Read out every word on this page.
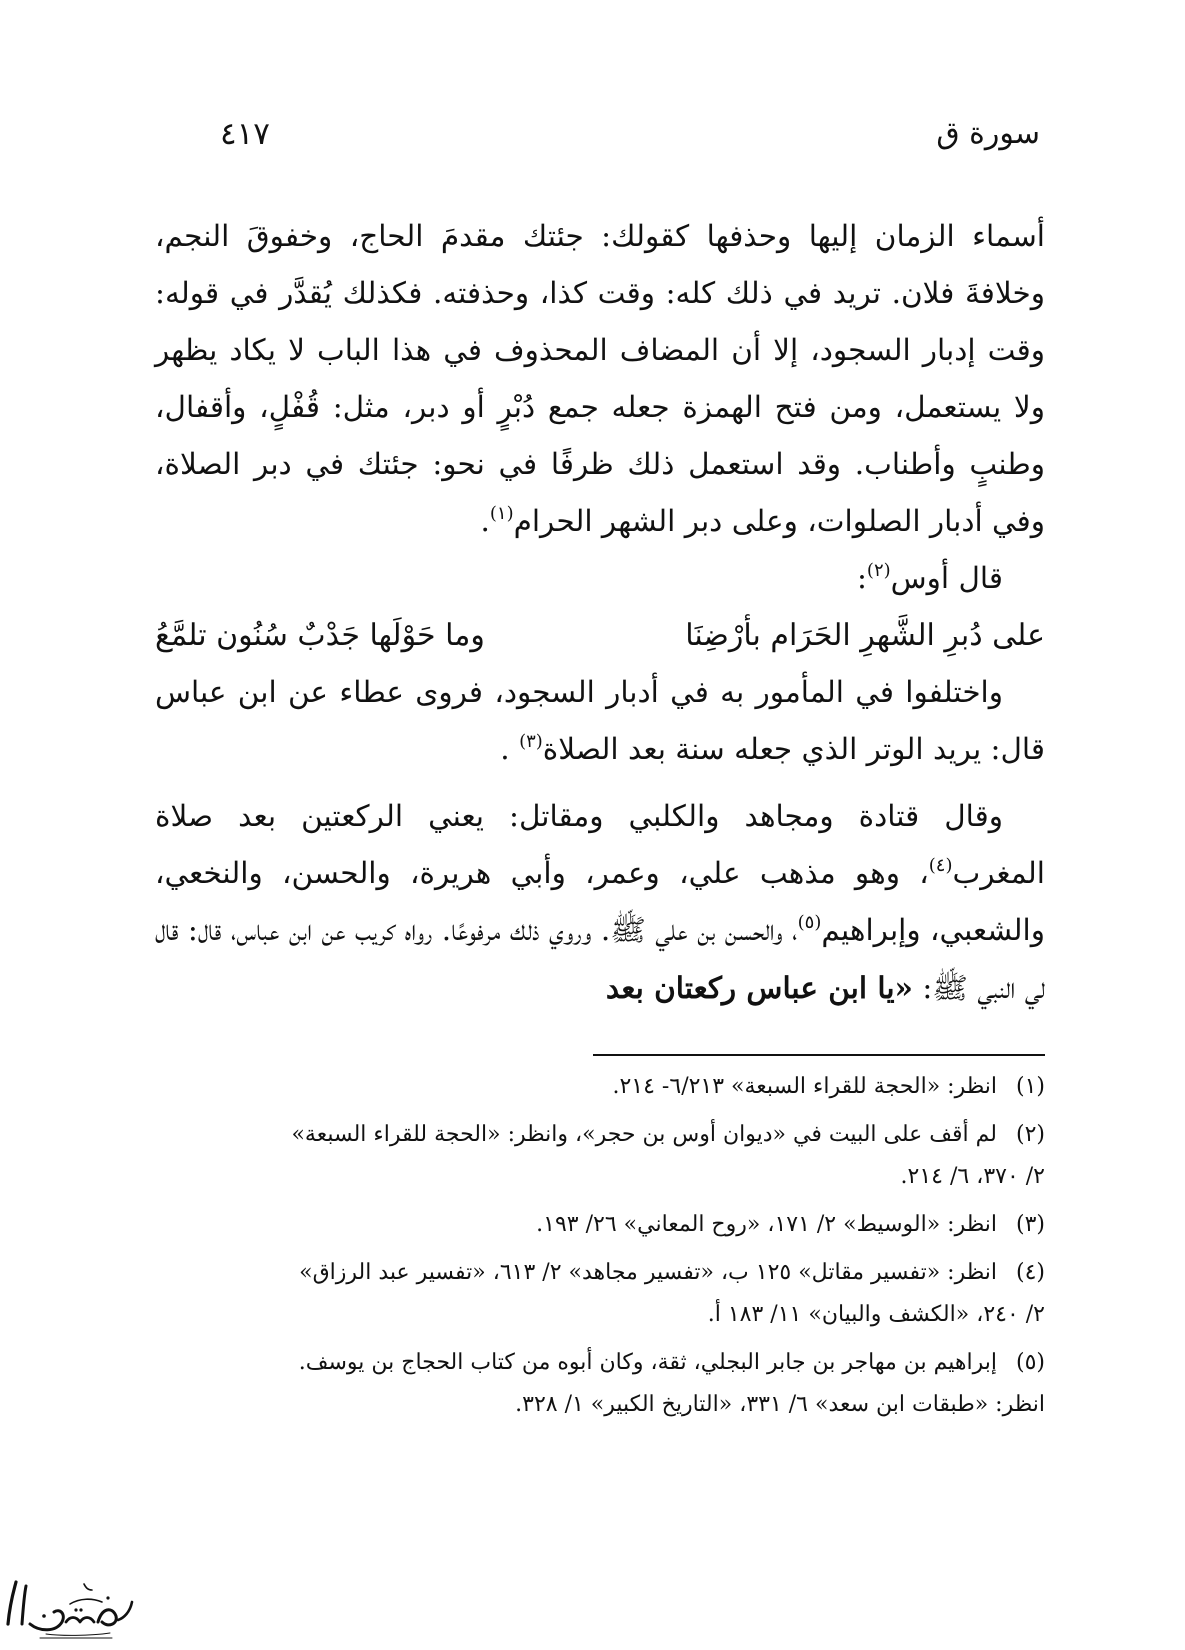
سورة ق
٤١٧

أسماء الزمان إليها وحذفها كقولك: جئتك مقدمَ الحاج، وخفوقَ النجم، وخلافةَ فلان. تريد في ذلك كله: وقت كذا، وحذفته. فكذلك يُقدَّر في قوله: وقت إدبار السجود، إلا أن المضاف المحذوف في هذا الباب لا يكاد يظهر ولا يستعمل، ومن فتح الهمزة جعله جمع دُبْرٍ أو دبر، مثل: قُفْلٍ، وأقفال، وطنبٍ وأطناب. وقد استعمل ذلك ظرفًا في نحو: جئتك في دبر الصلاة، وفي أدبار الصلوات، وعلى دبر الشهر الحرام$^{(١)}$.

قال أوس$^{(٢)}$:

على دُبرِ الشَّهرِ الحَرَام بأرْضِنَا
وما حَوْلَها جَدْبٌ سُنُون تلمَّعُ

واختلفوا في المأمور به في أدبار السجود، فروى عطاء عن ابن عباس قال: يريد الوتر الذي جعله سنة بعد الصلاة$^{(٣)}$ .

وقال قتادة ومجاهد والكلبي ومقاتل: يعني الركعتين بعد صلاة المغرب$^{(٤)}$، وهو مذهب علي، وعمر، وأبي هريرة، والحسن، والنخعي، والشعبي، وإبراهيم$^{(٥)}$، والحسن بن علي ﷺ. وروي ذلك مرفوعًا. رواه كريب عن ابن عباس، قال: قال لي النبي ﷺ: «يا ابن عباس ركعتان بعد

(١)انظر: «الحجة للقراء السبعة» ٦/٢١٣- ٢١٤.

(٢)لم أقف على البيت في «ديوان أوس بن حجر»، وانظر: «الحجة للقراء السبعة»
٢/ ٣٧٠، ٦/ ٢١٤.

(٣)انظر: «الوسيط» ٢/ ١٧١، «روح المعاني» ٢٦/ ١٩٣.

(٤)انظر: «تفسير مقاتل» ١٢٥ ب، «تفسير مجاهد» ٢/ ٦١٣، «تفسير عبد الرزاق»
٢/ ٢٤٠، «الكشف والبيان» ١١/ ١٨٣ أ.

(٥)إبراهيم بن مهاجر بن جابر البجلي، ثقة، وكان أبوه من كتاب الحجاج بن يوسف.
انظر: «طبقات ابن سعد» ٦/ ٣٣١، «التاريخ الكبير» ١/ ٣٢٨.
